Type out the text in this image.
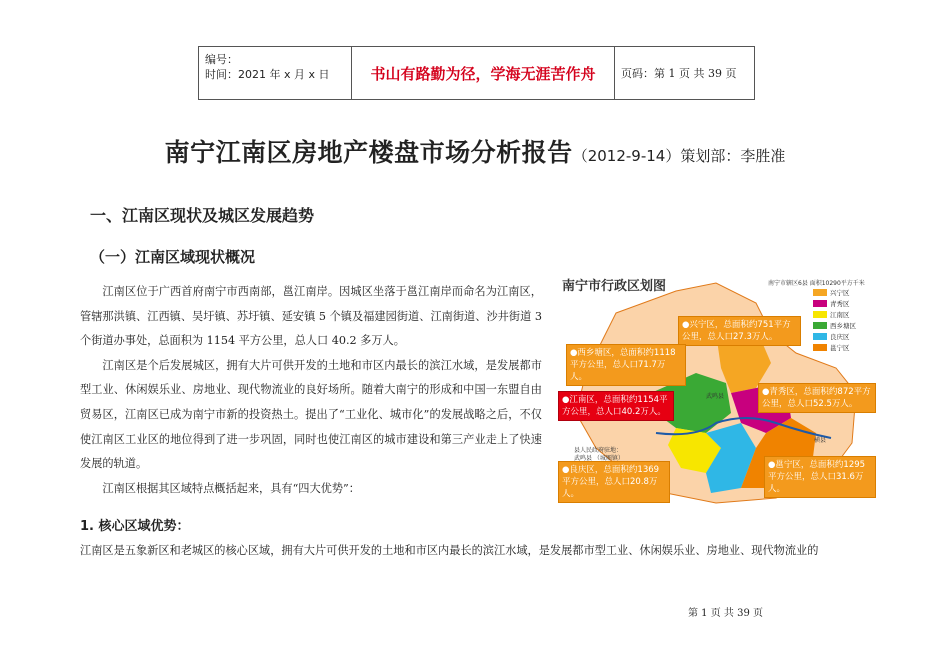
编号：
时间：2021 年 x 月 x 日	书山有路勤为径，学海无涯苦作舟	页码：第 1 页 共 39 页
南宁江南区房地产楼盘市场分析报告（2012-9-14）策划部：李胜准
一、江南区现状及城区发展趋势
（一）江南区域现状概况

江南区位于广西首府南宁市西南部，邕江南岸。因城区坐落于邕江南岸而命名为江南区，管辖那洪镇、江西镇、吴圩镇、苏圩镇、延安镇 5 个镇及福建园街道、江南街道、沙井街道 3 个街道办事处，总面积为 1154 平方公里，总人口 40.2 多万人。

江南区是个后发展城区，拥有大片可供开发的土地和市区内最长的滨江水域，是发展都市型工业、休闲娱乐业、房地业、现代物流业的良好场所。随着大南宁的形成和中国一东盟自由贸易区，江南区已成为南宁市新的投资热土。提出了“工业化、城市化”的发展战略之后，不仅使江南区工业区的地位得到了进一步巩固，同时也使江南区的城市建设和第三产业走上了快速发展的轨道。

江南区根据其区域特点概括起来，具有“四大优势”：

1. 核心区域优势：
江南区是五象新区和老城区的核心区域，拥有大片可供开发的土地和市区内最长的滨江水域，是发展都市型工业、休闲娱乐业、房地业、现代物流业的
南宁市行政区划图	南宁市辖区6县 面积10290平方千米
兴宁区
青秀区
江南区
西乡塘区
良庆区
邕宁区
●兴宁区，总面积约751平方公里，总人口27.3万人。
●西乡塘区，总面积约1118平方公里，总人口71.7万人。
●江南区，总面积约1154平方公里，总人口40.2万人。
●青秀区，总面积约872平方公里，总人口52.5万人。
●良庆区，总面积约1369平方公里，总人口20.8万人。
●邕宁区，总面积约1295平方公里，总人口31.6万人。
武鸣县
横县
县人民政府驻地：
武鸣县 （城厢镇）
第 1 页 共 39 页
